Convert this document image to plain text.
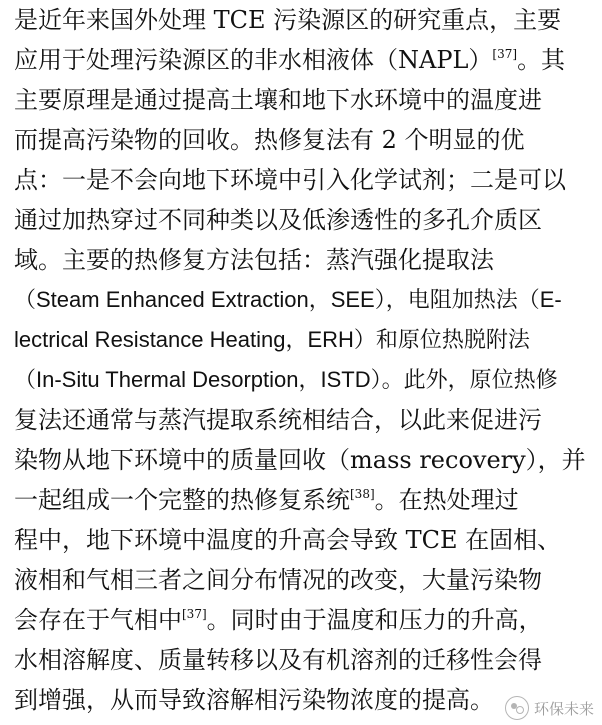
是近年来国外处理 TCE 污染源区的研究重点，主要
应用于处理污染源区的非水相液体（NAPL）[37]。其
主要原理是通过提高土壤和地下水环境中的温度进
而提高污染物的回收。热修复法有 2 个明显的优
点：一是不会向地下环境中引入化学试剂；二是可以
通过加热穿过不同种类以及低渗透性的多孔介质区
域。主要的热修复方法包括：蒸汽强化提取法
（Steam Enhanced Extraction，SEE），电阻加热法（E-
lectrical Resistance Heating，ERH）和原位热脱附法
（In-Situ Thermal Desorption，ISTD）。此外，原位热修
复法还通常与蒸汽提取系统相结合，以此来促进污
染物从地下环境中的质量回收（mass recovery），并
一起组成一个完整的热修复系统[38]。在热处理过
程中，地下环境中温度的升高会导致 TCE 在固相、
液相和气相三者之间分布情况的改变，大量污染物
会存在于气相中[37]。同时由于温度和压力的升高，
水相溶解度、质量转移以及有机溶剂的迁移性会得
到增强，从而导致溶解相污染物浓度的提高。	环保未来
